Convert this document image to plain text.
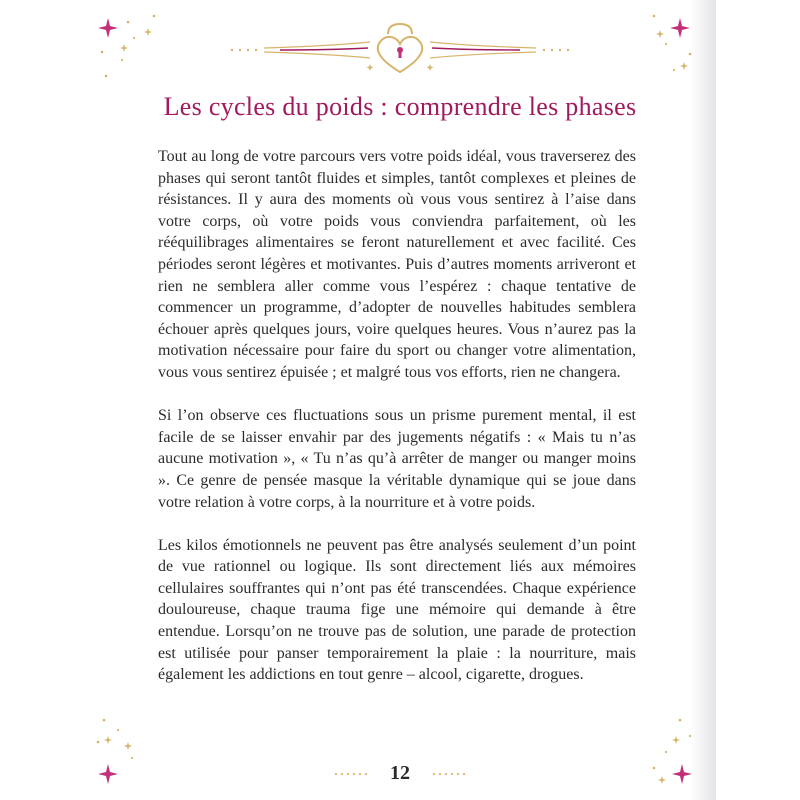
Les cycles du poids : comprendre les phases

Tout au long de votre parcours vers votre poids idéal, vous traverserez des phases qui seront tantôt fluides et simples, tantôt complexes et pleines de résistances. Il y aura des moments où vous vous sentirez à l’aise dans votre corps, où votre poids vous conviendra parfaitement, où les rééquilibrages alimentaires se feront naturellement et avec facilité. Ces périodes seront légères et motivantes. Puis d’autres moments arriveront et rien ne semblera aller comme vous l’espérez : chaque tentative de commencer un programme, d’adopter de nouvelles habitudes semblera échouer après quelques jours, voire quelques heures. Vous n’aurez pas la motivation nécessaire pour faire du sport ou changer votre alimentation, vous vous sentirez épuisée ; et malgré tous vos efforts, rien ne changera.

Si l’on observe ces fluctuations sous un prisme purement mental, il est facile de se laisser envahir par des jugements négatifs : « Mais tu n’as aucune motivation », « Tu n’as qu’à arrêter de manger ou manger moins ». Ce genre de pensée masque la véritable dynamique qui se joue dans votre relation à votre corps, à la nourriture et à votre poids.

Les kilos émotionnels ne peuvent pas être analysés seulement d’un point de vue rationnel ou logique. Ils sont directement liés aux mémoires cellulaires souffrantes qui n’ont pas été transcendées. Chaque expérience douloureuse, chaque trauma fige une mémoire qui demande à être entendue. Lorsqu’on ne trouve pas de solution, une parade de protection est utilisée pour panser temporairement la plaie : la nourriture, mais également les addictions en tout genre – alcool, cigarette, drogues.

12
